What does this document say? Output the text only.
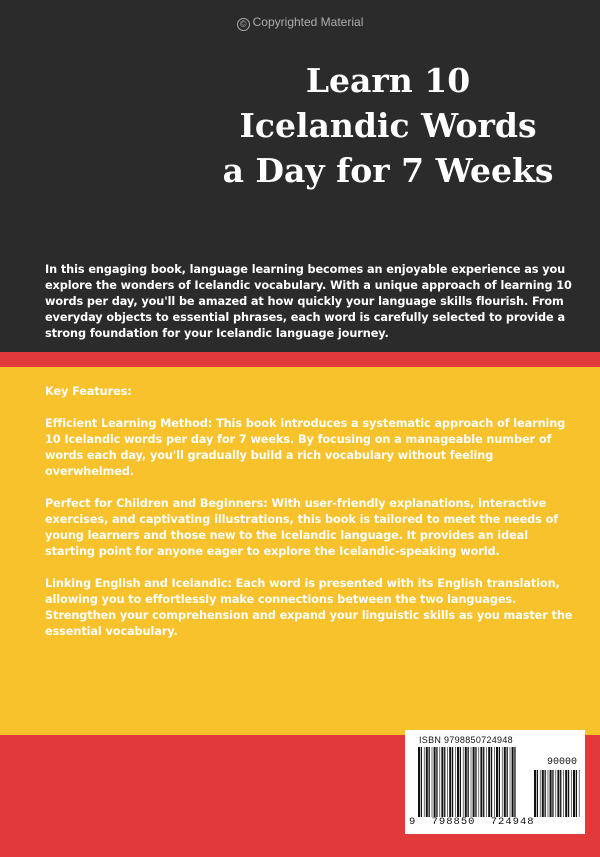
© Copyrighted Material
Learn 10
Icelandic Words
a Day for 7 Weeks
In this engaging book, language learning becomes an enjoyable experience as you explore the wonders of Icelandic vocabulary. With a unique approach of learning 10 words per day, you'll be amazed at how quickly your language skills flourish. From everyday objects to essential phrases, each word is carefully selected to provide a strong foundation for your Icelandic language journey.

Key Features:

Efficient Learning Method: This book introduces a systematic approach of learning 10 Icelandic words per day for 7 weeks. By focusing on a manageable number of words each day, you'll gradually build a rich vocabulary without feeling overwhelmed.

Perfect for Children and Beginners: With user-friendly explanations, interactive exercises, and captivating illustrations, this book is tailored to meet the needs of young learners and those new to the Icelandic language. It provides an ideal starting point for anyone eager to explore the Icelandic-speaking world.

Linking English and Icelandic: Each word is presented with its English translation, allowing you to effortlessly make connections between the two languages. Strengthen your comprehension and expand your linguistic skills as you master the essential vocabulary.

ISBN 9798850724948
90000
9 798850 724948
